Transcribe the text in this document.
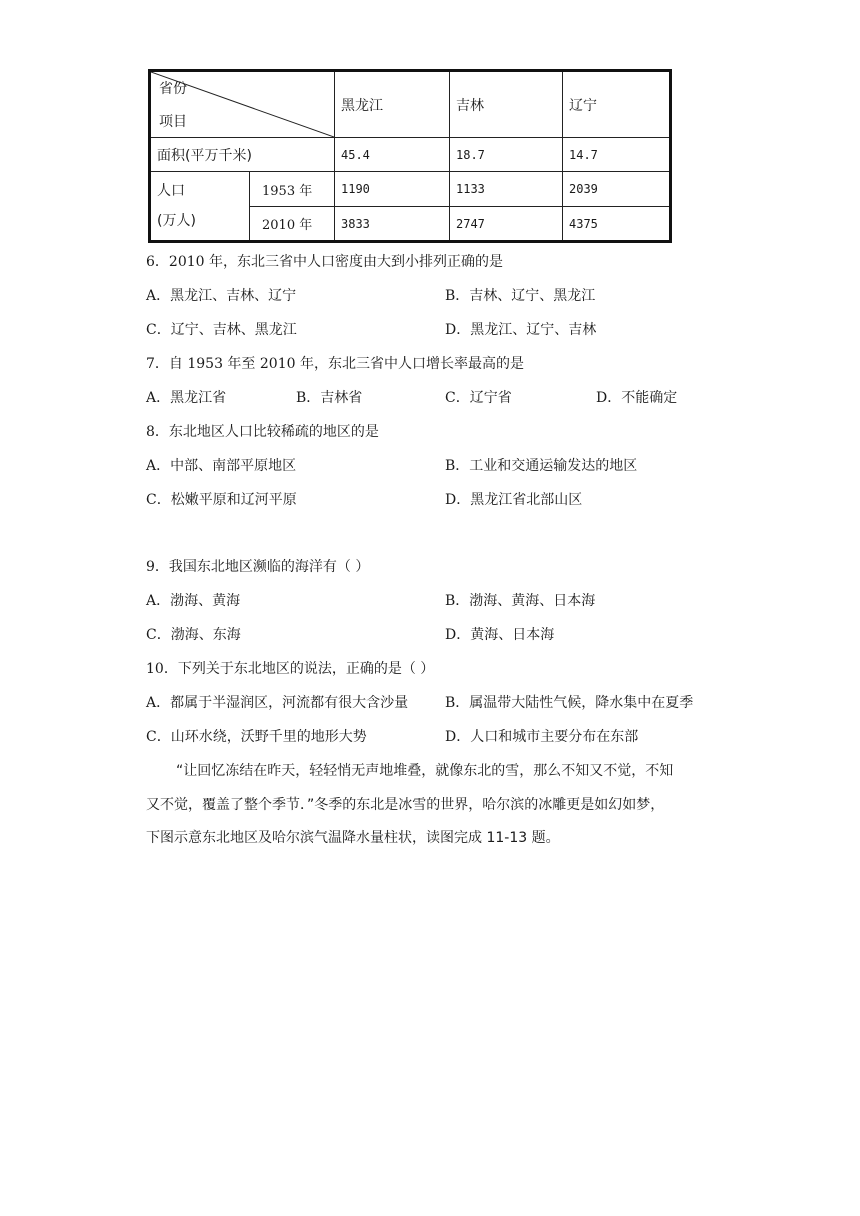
省份
项目		黑龙江	吉林	辽宁
面积(平万千米)		45.4	18.7	14.7

人口
(万人)	1953 年	1190	1133	2039
	2010 年	3833	2747	4375
6．2010 年，东北三省中人口密度由大到小排列正确的是
A．黑龙江、吉林、辽宁	B．吉林、辽宁、黑龙江
C．辽宁、吉林、黑龙江	D．黑龙江、辽宁、吉林
7．自 1953 年至 2010 年，东北三省中人口增长率最高的是
A．黑龙江省	B．吉林省	C．辽宁省	D．不能确定
8．东北地区人口比较稀疏的地区的是
A．中部、南部平原地区	B．工业和交通运输发达的地区
C．松嫩平原和辽河平原	D．黑龙江省北部山区
9．我国东北地区濒临的海洋有（ ）
A．渤海、黄海	B．渤海、黄海、日本海
C．渤海、东海	D．黄海、日本海
10．下列关于东北地区的说法，正确的是（ ）
A．都属于半湿润区，河流都有很大含沙量	B．属温带大陆性气候，降水集中在夏季
C．山环水绕，沃野千里的地形大势	D．人口和城市主要分布在东部
“让回忆冻结在昨天，轻轻悄无声地堆叠，就像东北的雪，那么不知又不觉，不知
又不觉，覆盖了整个季节．”冬季的东北是冰雪的世界，哈尔滨的冰雕更是如幻如梦，
下图示意东北地区及哈尔滨气温降水量柱状，读图完成 11-13 题。
